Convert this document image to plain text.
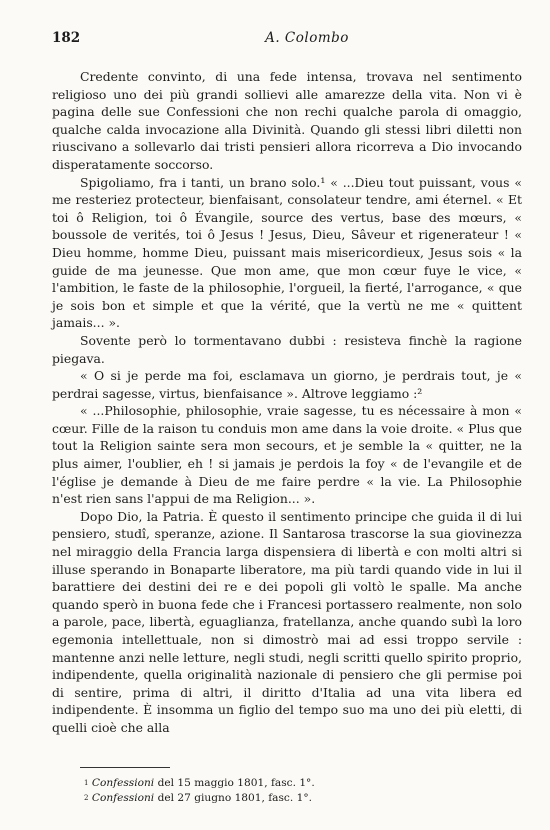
182	A. Colombo

Credente convinto, di una fede intensa, trovava nel sentimento religioso uno dei più grandi sollievi alle amarezze della vita. Non vi è pagina delle sue Confessioni che non rechi qualche parola di omaggio, qualche calda invocazione alla Divinità. Quando gli stessi libri diletti non riuscivano a sollevarlo dai tristi pensieri allora ricorreva a Dio invocando disperatamente soccorso.

Spigoliamo, fra i tanti, un brano solo.¹ « ...Dieu tout puissant, vous « me resteriez protecteur, bienfaisant, consolateur tendre, ami éternel. « Et toi ô Religion, toi ô Évangile, source des vertus, base des mœurs, « boussole de verités, toi ô Jesus ! Jesus, Dieu, Sâveur et rigenerateur ! « Dieu homme, homme Dieu, puissant mais misericordieux, Jesus sois « la guide de ma jeunesse. Que mon ame, que mon cœur fuye le vice, « l'ambition, le faste de la philosophie, l'orgueil, la fierté, l'arrogance, « que je sois bon et simple et que la vérité, que la vertù ne me « quittent jamais... ».

Sovente però lo tormentavano dubbi : resisteva finchè la ragione piegava.

« O si je perde ma foi, esclamava un giorno, je perdrais tout, je « perdrai sagesse, virtus, bienfaisance ». Altrove leggiamo :²

« ...Philosophie, philosophie, vraie sagesse, tu es nécessaire à mon « cœur. Fille de la raison tu conduis mon ame dans la voie droite. « Plus que tout la Religion sainte sera mon secours, et je semble la « quitter, ne la plus aimer, l'oublier, eh ! si jamais je perdois la foy « de l'evangile et de l'église je demande à Dieu de me faire perdre « la vie. La Philosophie n'est rien sans l'appui de ma Religion... ».

Dopo Dio, la Patria. È questo il sentimento principe che guida il di lui pensiero, studî, speranze, azione. Il Santarosa trascorse la sua giovinezza nel miraggio della Francia larga dispensiera di libertà e con molti altri si illuse sperando in Bonaparte liberatore, ma più tardi quando vide in lui il barattiere dei destini dei re e dei popoli gli voltò le spalle. Ma anche quando sperò in buona fede che i Francesi portassero realmente, non solo a parole, pace, libertà, eguaglianza, fratellanza, anche quando subì la loro egemonia intellettuale, non si dimostrò mai ad essi troppo servile : mantenne anzi nelle letture, negli studi, negli scritti quello spirito proprio, indipendente, quella originalità nazionale di pensiero che gli permise poi di sentire, prima di altri, il diritto d'Italia ad una vita libera ed indipendente. È insomma un figlio del tempo suo ma uno dei più eletti, di quelli cioè che alla

$^1$ Confessioni del 15 maggio 1801, fasc. 1°.
$^2$ Confessioni del 27 giugno 1801, fasc. 1°.
